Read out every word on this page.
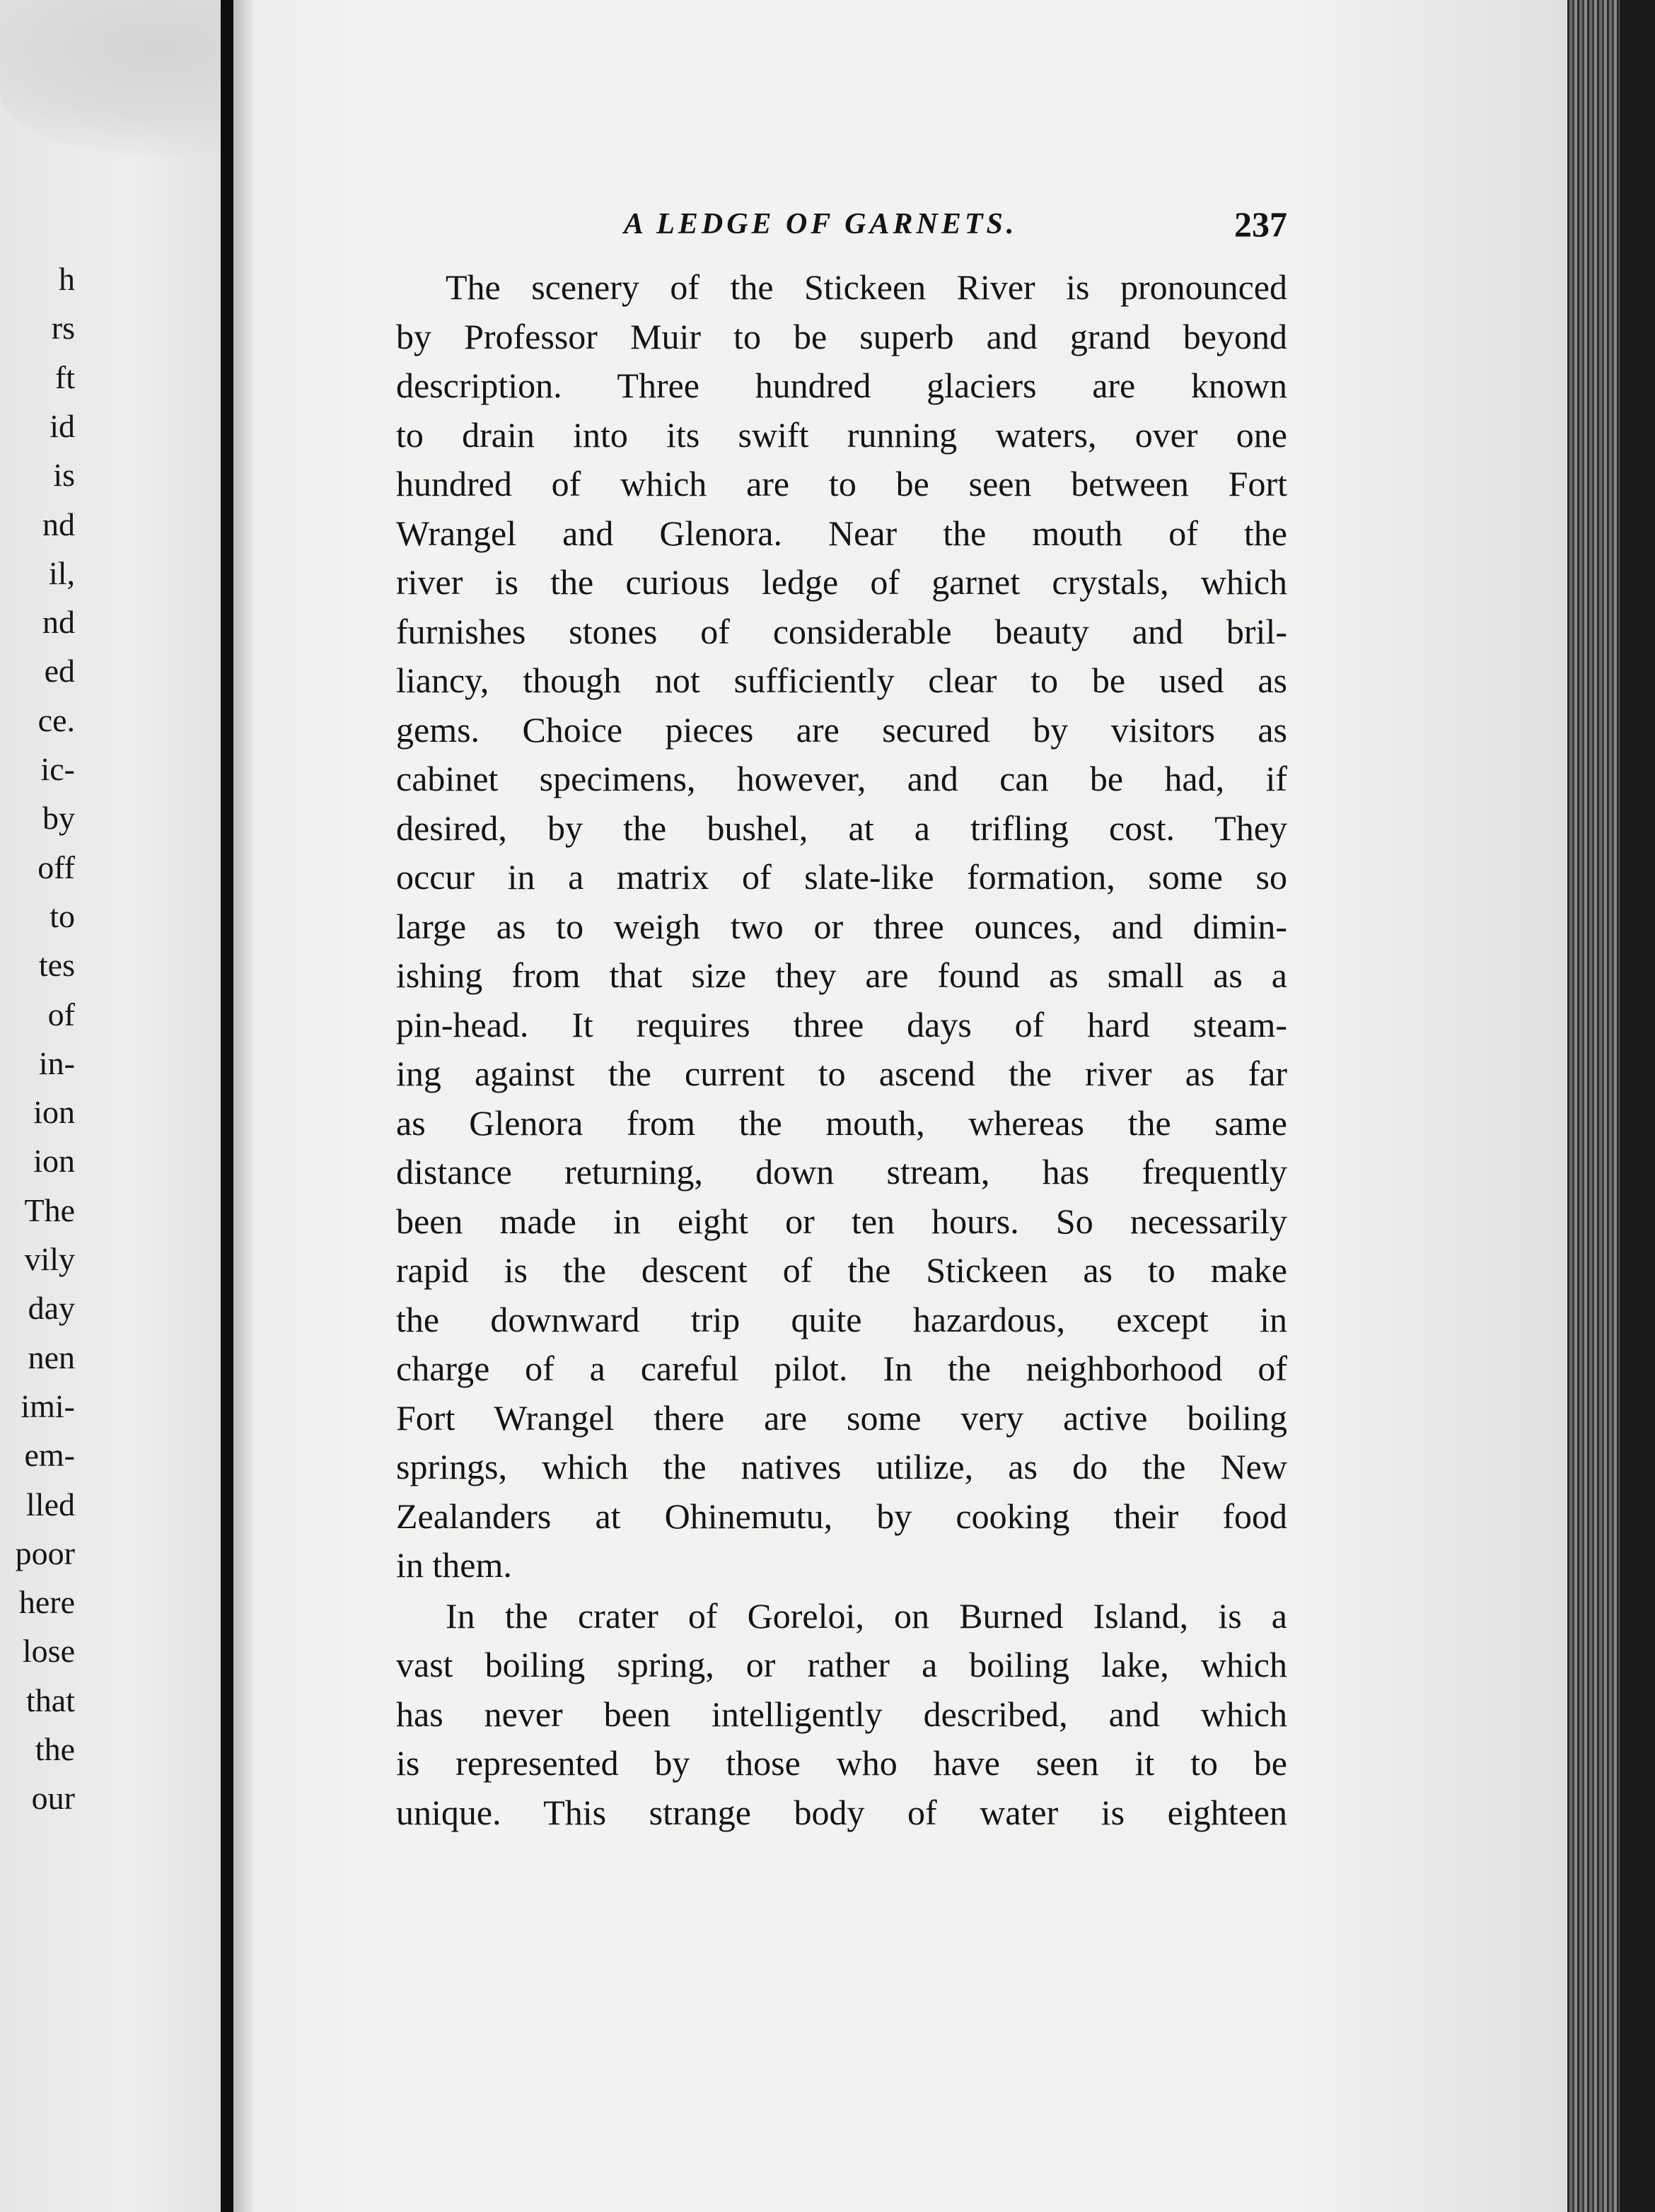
h
rs
ft
id
is
nd
il,
nd
ed
ce.
ic-
by
off
to
tes
of
in-
ion
ion
The
vily
day
nen
imi-
em-
lled
poor
here
lose
that
the
our
A LEDGE OF GARNETS.	237
The scenery of the Stickeen River is pronounced
by Professor Muir to be superb and grand beyond
description. Three hundred glaciers are known
to drain into its swift running waters, over one
hundred of which are to be seen between Fort
Wrangel and Glenora. Near the mouth of the
river is the curious ledge of garnet crystals, which
furnishes stones of considerable beauty and bril-
liancy, though not sufficiently clear to be used as
gems. Choice pieces are secured by visitors as
cabinet specimens, however, and can be had, if
desired, by the bushel, at a trifling cost. They
occur in a matrix of slate-like formation, some so
large as to weigh two or three ounces, and dimin-
ishing from that size they are found as small as a
pin-head. It requires three days of hard steam-
ing against the current to ascend the river as far
as Glenora from the mouth, whereas the same
distance returning, down stream, has frequently
been made in eight or ten hours. So necessarily
rapid is the descent of the Stickeen as to make
the downward trip quite hazardous, except in
charge of a careful pilot. In the neighborhood of
Fort Wrangel there are some very active boiling
springs, which the natives utilize, as do the New
Zealanders at Ohinemutu, by cooking their food
in them.
In the crater of Goreloi, on Burned Island, is a
vast boiling spring, or rather a boiling lake, which
has never been intelligently described, and which
is represented by those who have seen it to be
unique. This strange body of water is eighteen
